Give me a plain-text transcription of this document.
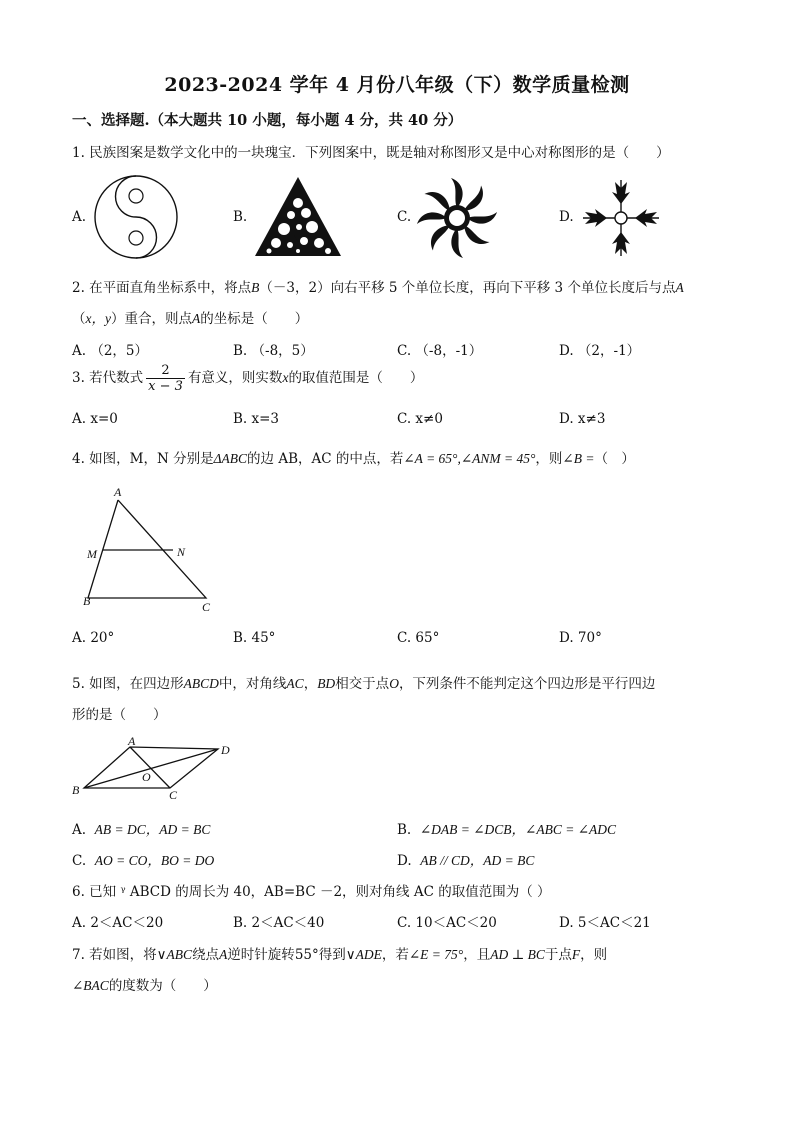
2023-2024 学年 4 月份八年级（下）数学质量检测
一、选择题.（本大题共 10 小题，每小题 4 分，共 40 分）
1. 民族图案是数学文化中的一块瑰宝．下列图案中，既是轴对称图形又是中心对称图形的是（　　）
A.	B.	C.	D.
2. 在平面直角坐标系中，将点B（－3，2）向右平移 5 个单位长度，再向下平移 3 个单位长度后与点A
（x，y）重合，则点A的坐标是（　　）
A. （2，5）	B. （-8，5）	C. （-8，-1）	D. （2，-1）
3. 若代数式 $\frac{2}{x - 3}$ 有意义，则实数x的取值范围是（　　）
A. x=0	B. x=3	C. x≠0	D. x≠3
4. 如图，M，N 分别是ΔABC的边 AB，AC 的中点，若∠A = 65°,∠ANM = 45°，则∠B =（　）
A
M	N
B	C
A. 20°	B. 45°	C. 65°	D. 70°
5. 如图，在四边形ABCD中，对角线AC，BD相交于点O，下列条件不能判定这个四边形是平行四边
形的是（　　）
A
D
O
B	C
A. AB = DC，AD = BC	B. ∠DAB = ∠DCB，∠ABC = ∠ADC
C. AO = CO，BO = DO	D. AB // CD，AD = BC
6. 已知 ᵞ ABCD 的周长为 40，AB=BC －2，则对角线 AC 的取值范围为（ ）
A. 2＜AC＜20	B. 2＜AC＜40	C. 10＜AC＜20	D. 5＜AC＜21
7. 若如图，将∨ABC绕点A逆时针旋转55°得到∨ADE，若∠E = 75°，且AD ⊥ BC于点F，则
∠BAC的度数为（　　）
